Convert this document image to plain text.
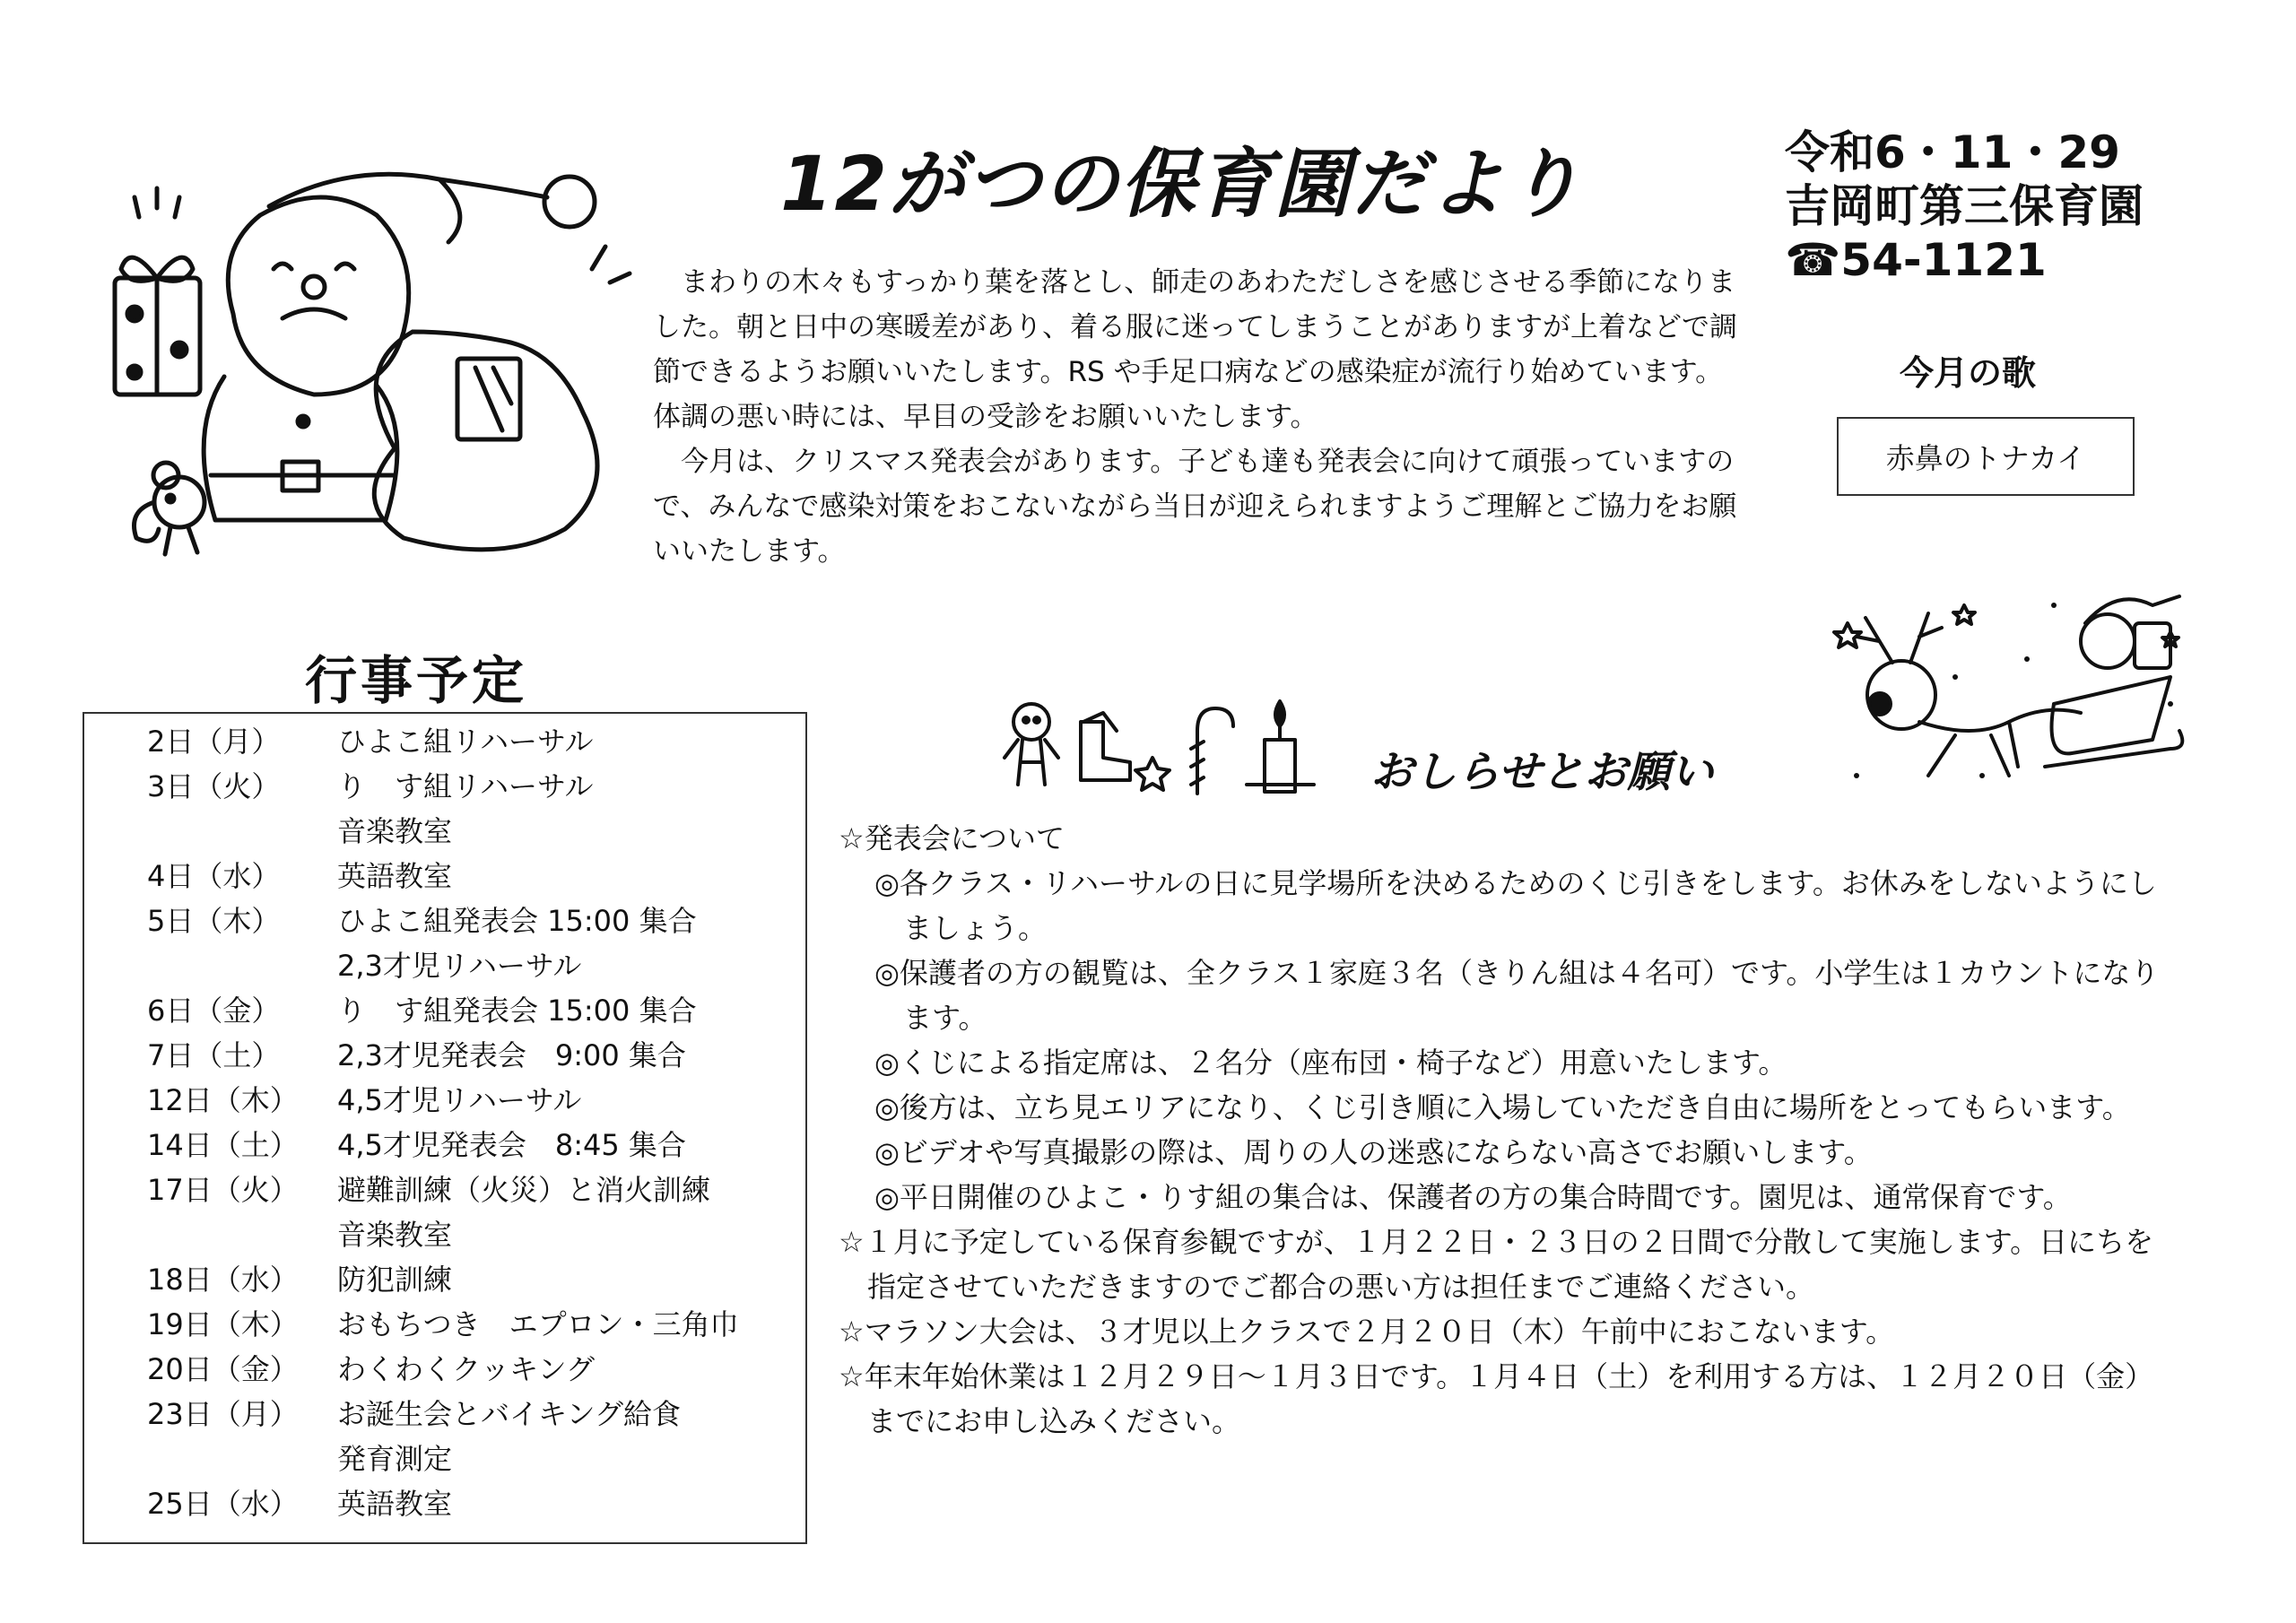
12がつの保育園だより	令和6・11・29
吉岡町第三保育園
☎54-1121

まわりの木々もすっかり葉を落とし、師走のあわただしさを感じさせる季節になりました。朝と日中の寒暖差があり、着る服に迷ってしまうことがありますが上着などで調節できるようお願いいたします。RS や手足口病などの感染症が流行り始めています。体調の悪い時には、早目の受診をお願いいたします。

今月は、クリスマス発表会があります。子ども達も発表会に向けて頑張っていますので、みんなで感染対策をおこないながら当日が迎えられますようご理解とご協力をお願いいたします。

今月の歌
赤鼻のトナカイ
行事予定
2日（月） ひよこ組リハーサル
3日（火） り　す組リハーサル
音楽教室
4日（水） 英語教室
5日（木） ひよこ組発表会 15:00 集合
2,3才児リハーサル
6日（金） り　す組発表会 15:00 集合
7日（土） 2,3才児発表会　9:00 集合
12日（木） 4,5才児リハーサル
14日（土） 4,5才児発表会　8:45 集合
17日（火） 避難訓練（火災）と消火訓練
音楽教室
18日（水） 防犯訓練
19日（木） おもちつき　エプロン・三角巾
20日（金） わくわくクッキング
23日（月） お誕生会とバイキング給食
発育測定
25日（水） 英語教室
おしらせとお願い
☆発表会について
◎各クラス・リハーサルの日に見学場所を決めるためのくじ引きをします。お休みをしないようにしましょう。
◎保護者の方の観覧は、全クラス１家庭３名（きりん組は４名可）です。小学生は１カウントになります。
◎くじによる指定席は、２名分（座布団・椅子など）用意いたします。
◎後方は、立ち見エリアになり、くじ引き順に入場していただき自由に場所をとってもらいます。
◎ビデオや写真撮影の際は、周りの人の迷惑にならない高さでお願いします。
◎平日開催のひよこ・りす組の集合は、保護者の方の集合時間です。園児は、通常保育です。
☆１月に予定している保育参観ですが、１月２２日・２３日の２日間で分散して実施します。日にちを指定させていただきますのでご都合の悪い方は担任までご連絡ください。
☆マラソン大会は、３才児以上クラスで２月２０日（木）午前中におこないます。
☆年末年始休業は１２月２９日～１月３日です。１月４日（土）を利用する方は、１２月２０日（金）までにお申し込みください。
